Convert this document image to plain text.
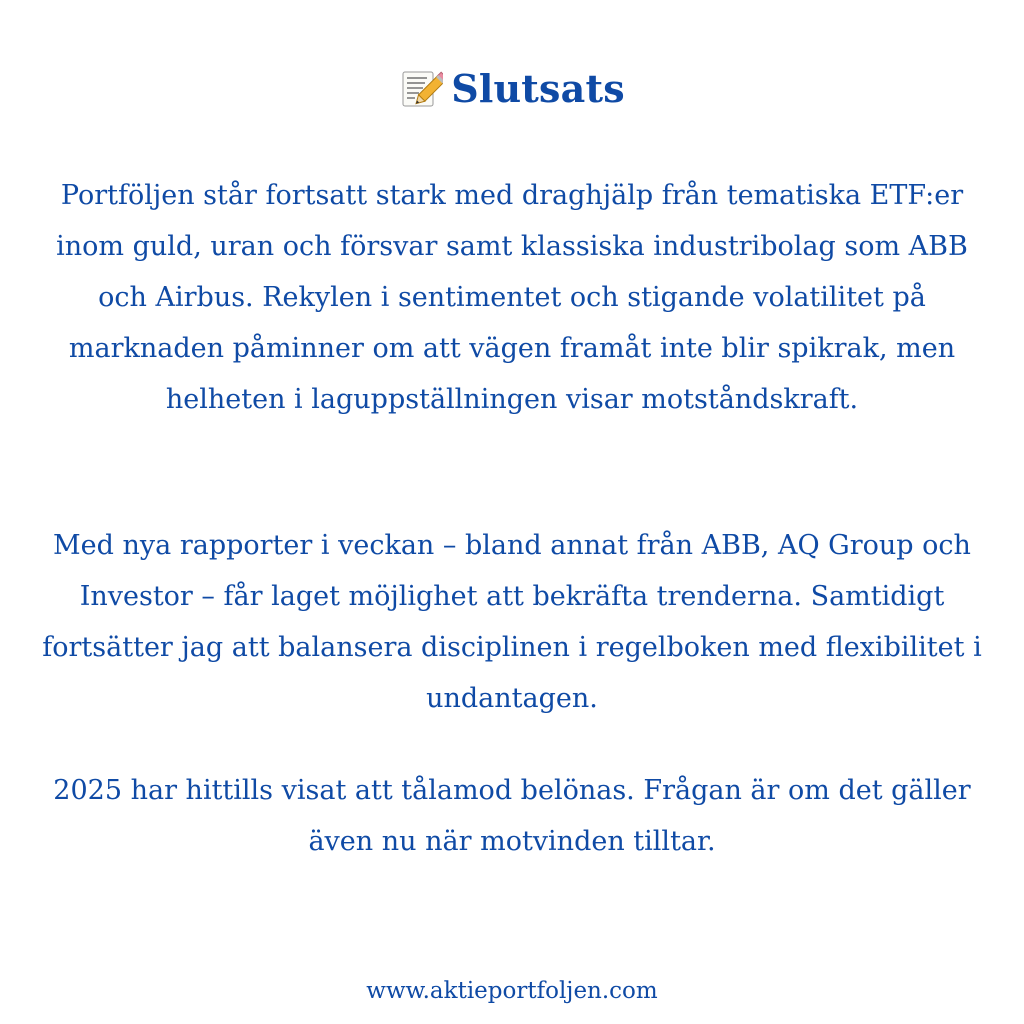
Slutsats
Portföljen står fortsatt stark med draghjälp från tematiska ETF:er inom guld, uran och försvar samt klassiska industribolag som ABB och Airbus. Rekylen i sentimentet och stigande volatilitet på marknaden påminner om att vägen framåt inte blir spikrak, men helheten i laguppställningen visar motståndskraft.
Med nya rapporter i veckan – bland annat från ABB, AQ Group och Investor – får laget möjlighet att bekräfta trenderna. Samtidigt fortsätter jag att balansera disciplinen i regelboken med flexibilitet i undantagen.
2025 har hittills visat att tålamod belönas. Frågan är om det gäller även nu när motvinden tilltar.
www.aktieportfoljen.com
